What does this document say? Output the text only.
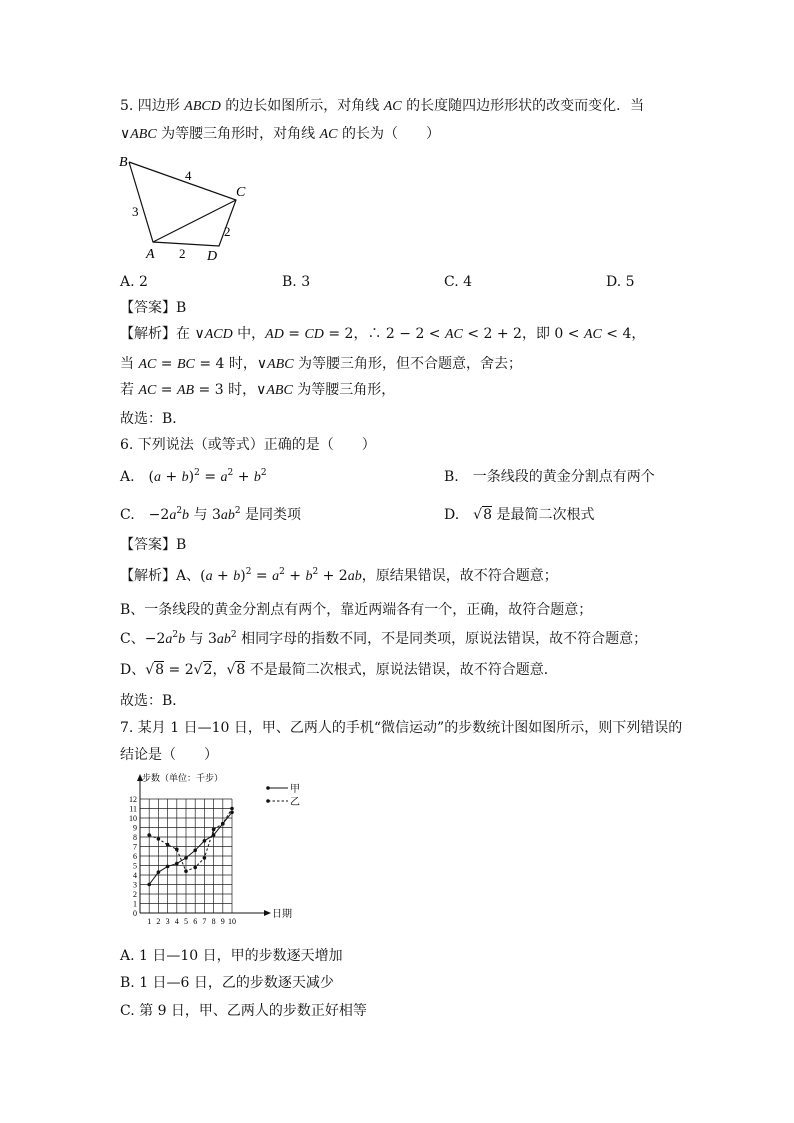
5. 四边形 ABCD 的边长如图所示，对角线 AC 的长度随四边形形状的改变而变化．当
∨ABC 为等腰三角形时，对角线 AC 的长为（　　）
B
C
A	D
4
3
2
2
A. 2	B. 3	C. 4	D. 5
【答案】B
【解析】在 ∨ACD 中，AD = CD = 2，∴ 2 − 2 < AC < 2 + 2，即 0 < AC < 4，
当 AC = BC = 4 时，∨ABC 为等腰三角形，但不合题意，舍去；
若 AC = AB = 3 时，∨ABC 为等腰三角形，
故选：B．
6. 下列说法（或等式）正确的是（　　）
A.　$(a + b)^2 = a^2 + b^2$	B.　一条线段的黄金分割点有两个
C.　$-2a^2b$ 与 $3ab^2$ 是同类项	D.　√8 是最简二次根式
【答案】B
【解析】A、$(a + b)^2 = a^2 + b^2 + 2ab$，原结果错误，故不符合题意；
B、一条线段的黄金分割点有两个，靠近两端各有一个，正确，故符合题意；
C、$-2a^2b$ 与 $3ab^2$ 相同字母的指数不同，不是同类项，原说法错误，故不符合题意；
D、√8 = 2√2，√8 不是最简二次根式，原说法错误，故不符合题意．
故选：B．
7. 某月 1 日—10 日，甲、乙两人的手机“微信运动”的步数统计图如图所示，则下列错误的
结论是（　　）
步数（单位：千步）
日期
0
1
2
3
4
5
6
7
8
9
10
11
12
1 2 3 4 5 6 7 8 9 10
甲
乙
A. 1 日—10 日，甲的步数逐天增加
B. 1 日—6 日，乙的步数逐天减少
C. 第 9 日，甲、乙两人的步数正好相等
